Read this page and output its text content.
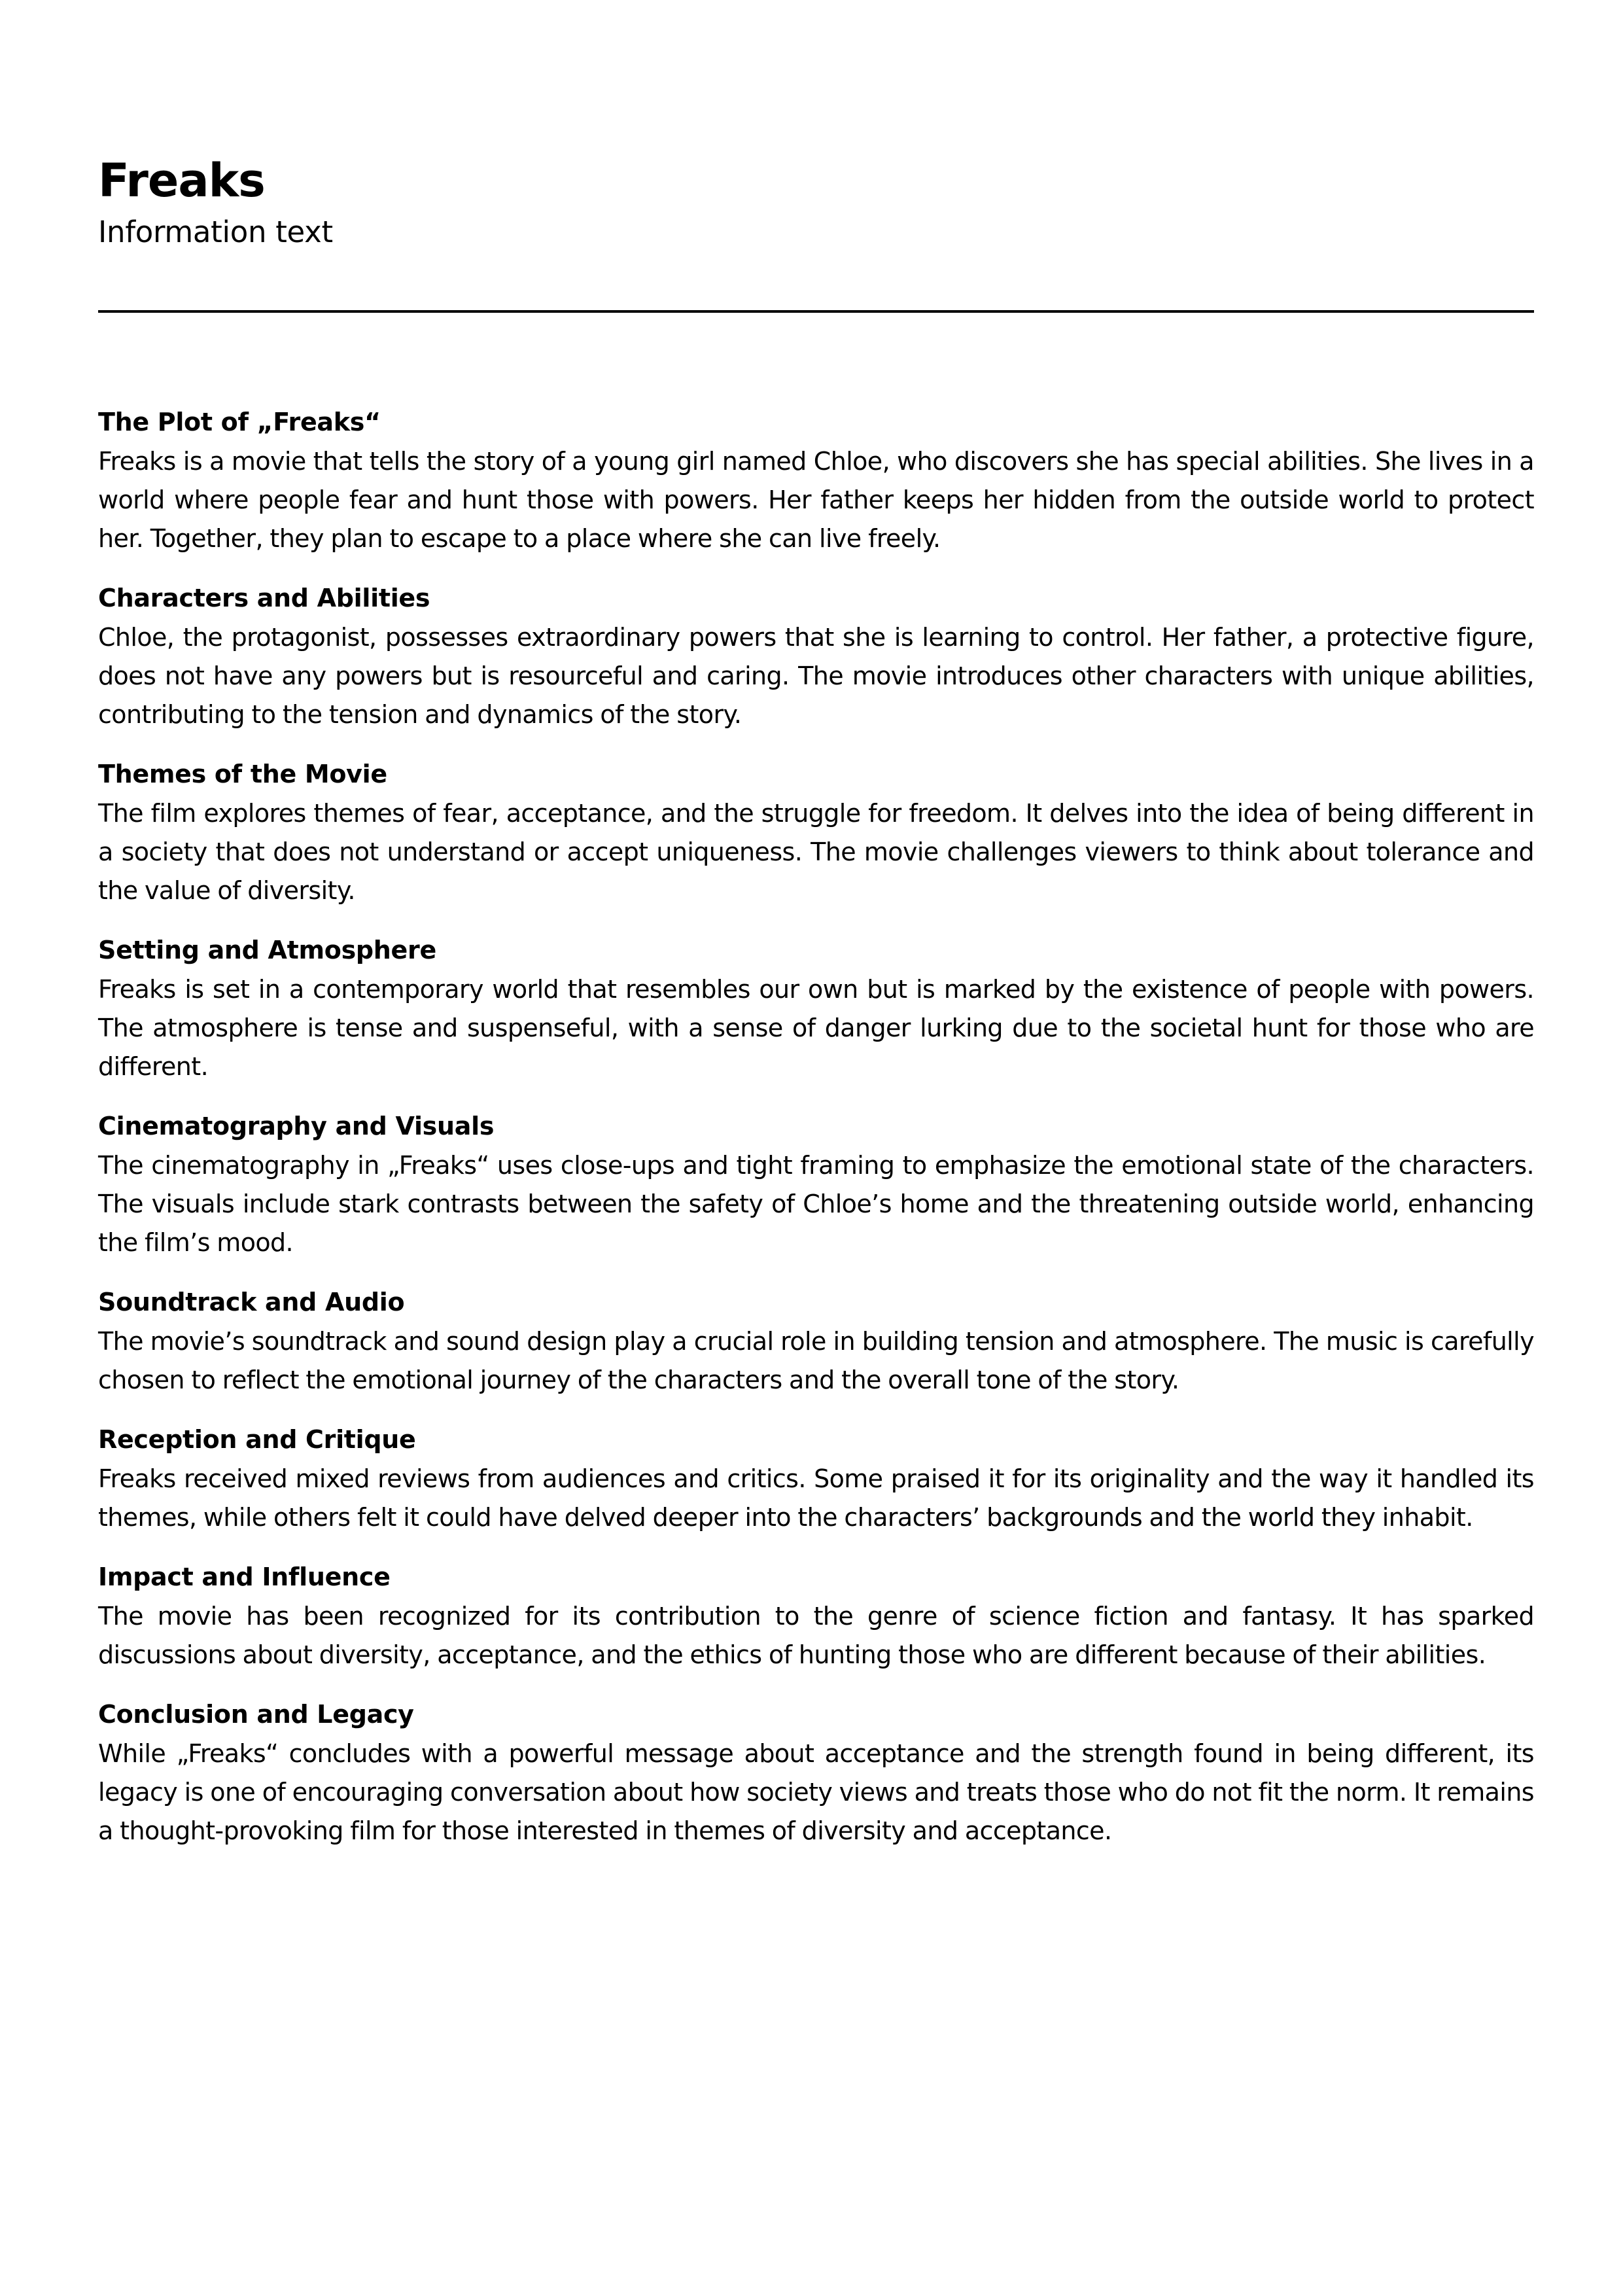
Freaks
Information text
The Plot of „Freaks“

Freaks is a movie that tells the story of a young girl named Chloe, who discovers she has special abilities. She lives in a world where people fear and hunt those with powers. Her father keeps her hidden from the outside world to protect her. Together, they plan to escape to a place where she can live freely.

Characters and Abilities

Chloe, the protagonist, possesses extraordinary powers that she is learning to control. Her father, a protective figure, does not have any powers but is resourceful and caring. The movie introduces other characters with unique abilities, contributing to the tension and dynamics of the story.

Themes of the Movie

The film explores themes of fear, acceptance, and the struggle for freedom. It delves into the idea of being different in a society that does not understand or accept uniqueness. The movie challenges viewers to think about tolerance and the value of diversity.

Setting and Atmosphere

Freaks is set in a contemporary world that resembles our own but is marked by the existence of people with powers. The atmosphere is tense and suspenseful, with a sense of danger lurking due to the societal hunt for those who are different.

Cinematography and Visuals

The cinematography in „Freaks“ uses close-ups and tight framing to emphasize the emotional state of the characters. The visuals include stark contrasts between the safety of Chloe’s home and the threatening outside world, enhancing the film’s mood.

Soundtrack and Audio

The movie’s soundtrack and sound design play a crucial role in building tension and atmosphere. The music is carefully chosen to reflect the emotional journey of the characters and the overall tone of the story.

Reception and Critique

Freaks received mixed reviews from audiences and critics. Some praised it for its originality and the way it handled its themes, while others felt it could have delved deeper into the characters’ backgrounds and the world they inhabit.

Impact and Influence

The movie has been recognized for its contribution to the genre of science fiction and fantasy. It has sparked discussions about diversity, acceptance, and the ethics of hunting those who are different because of their abilities.

Conclusion and Legacy

While „Freaks“ concludes with a powerful message about acceptance and the strength found in being different, its legacy is one of encouraging conversation about how society views and treats those who do not fit the norm. It remains a thought-provoking film for those interested in themes of diversity and acceptance.
